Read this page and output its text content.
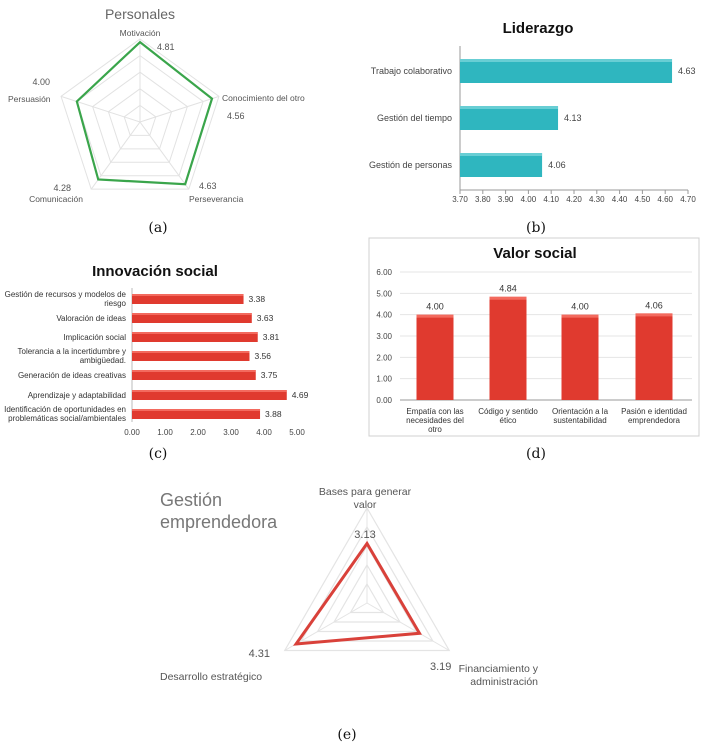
(a)	(b)
(c)	(d)
(e)
Personales
Motivación
4.81
Conocimiento del otro
4.56
Perseverancia
4.63
Comunicación
4.28
Persuasión
4.00
Liderazgo
3.70 3.80 3.90 4.00 4.10 4.20 4.30 4.40 4.50 4.60 4.70
Trabajo colaborativo	4.63
Gestión del tiempo	4.13
Gestión de personas	4.06
Innovación social
0.00 1.00 2.00 3.00 4.00 5.00
Gestión de recursos y modelos de riesgo	3.38
Valoración de ideas	3.63
Implicación social	3.81
Tolerancia a la incertidumbre y ambigüedad.	3.56
Generación de ideas creativas	3.75
Aprendizaje y adaptabilidad	4.69
Identificación de oportunidades en problemáticas social/ambientales	3.88
Valor social
0.00
1.00
2.00
3.00
4.00
5.00
6.00
4.00
Empatía con las necesidades del otro
4.84
Código y sentido ético
4.00
Orientación a la sustentabilidad
4.06
Pasión e identidad emprendedora
Gestión emprendedora
Bases para generar valor
Financiamiento y administración
Desarrollo estratégico
3.13
3.19
4.31
